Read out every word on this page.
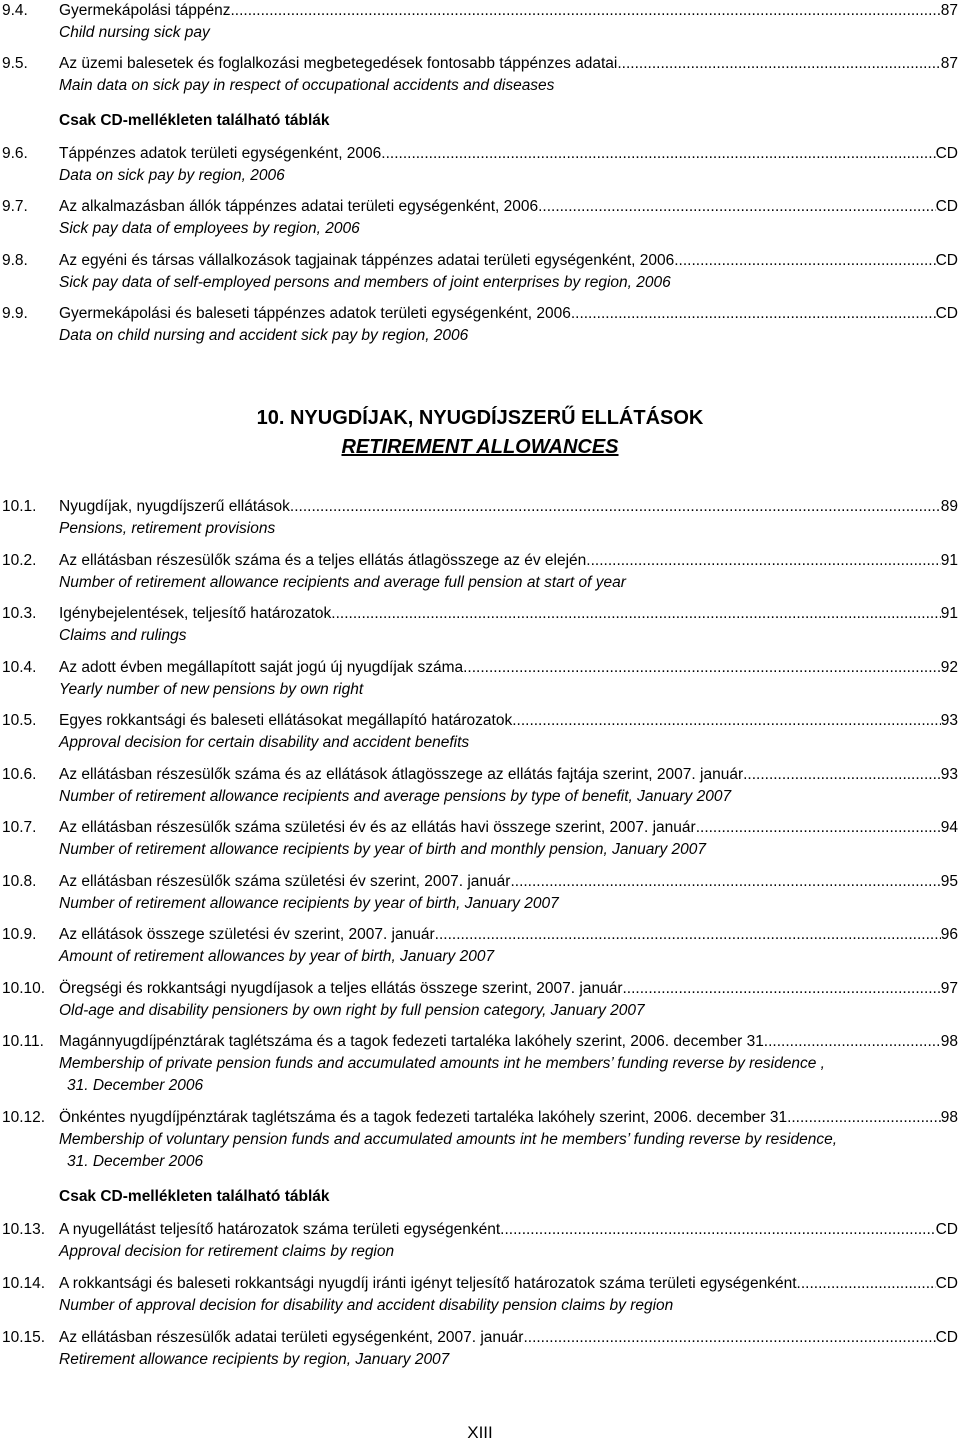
9.4.	Gyermekápolási táppénz .....	87
Child nursing sick pay
9.5.	Az üzemi balesetek és foglalkozási megbetegedések fontosabb táppénzes adatai .....	87
Main data on sick pay in respect of occupational accidents and diseases
Csak CD-mellékleten található táblák
9.6.	Táppénzes adatok területi egységenként, 2006 .....	CD
Data on sick pay by region, 2006
9.7.	Az alkalmazásban állók táppénzes adatai területi egységenként, 2006 .....	CD
Sick pay data of employees by region, 2006
9.8.	Az egyéni és társas vállalkozások tagjainak táppénzes adatai területi egységenként, 2006 .....	CD
Sick pay data of self-employed persons and members of joint enterprises by region, 2006
9.9.	Gyermekápolási és baleseti táppénzes adatok területi egységenként, 2006 .....	CD
Data on child nursing and accident sick pay by region, 2006
10. NYUGDÍJAK, NYUGDÍJSZERŰ ELLÁTÁSOK
RETIREMENT ALLOWANCES
10.1.	Nyugdíjak, nyugdíjszerű ellátások .....	89
Pensions, retirement provisions
10.2.	Az ellátásban részesülők száma és a teljes ellátás átlagösszege az év elején .....	91
Number of retirement allowance recipients and average full pension at start of year
10.3.	Igénybejelentések, teljesítő határozatok .....	91
Claims and rulings
10.4.	Az adott évben megállapított saját jogú új nyugdíjak száma .....	92
Yearly number of new pensions by own right
10.5.	Egyes rokkantsági és baleseti ellátásokat megállapító határozatok .....	93
Approval decision for certain disability and accident benefits
10.6.	Az ellátásban részesülők száma és az ellátások átlagösszege az ellátás fajtája szerint, 2007. január .....	93
Number of retirement allowance recipients and average pensions by type of benefit, January 2007
10.7.	Az ellátásban részesülők száma születési év és az ellátás havi összege szerint, 2007. január .....	94
Number of retirement allowance recipients by year of birth and monthly pension, January 2007
10.8.	Az ellátásban részesülők száma születési év szerint, 2007. január .....	95
Number of retirement allowance recipients by year of birth, January 2007
10.9.	Az ellátások összege születési év szerint, 2007. január .....	96
Amount of retirement allowances by year of birth, January 2007
10.10. Öregségi és rokkantsági nyugdíjasok a teljes ellátás összege szerint, 2007. január .....	97
Old-age and disability pensioners by own right by full pension category, January 2007
10.11. Magánnyugdíjpénztárak taglétszáma és a tagok fedezeti tartaléka lakóhely szerint, 2006. december 31. .....	98
Membership of private pension funds and accumulated amounts int he members’ funding reverse by residence ,
31. December 2006
10.12. Önkéntes nyugdíjpénztárak taglétszáma és a tagok fedezeti tartaléka lakóhely szerint, 2006. december 31. .....	98
Membership of voluntary pension funds and accumulated amounts int he members’ funding reverse by residence,
31. December 2006
Csak CD-mellékleten található táblák
10.13. A nyugellátást teljesítő határozatok száma területi egységenként .....	CD
Approval decision for retirement claims by region
10.14. A rokkantsági és baleseti rokkantsági nyugdíj iránti igényt teljesítő határozatok száma területi egységenként .....	CD
Number of approval decision for disability and accident disability pension claims by region
10.15. Az ellátásban részesülők adatai területi egységenként, 2007. január .....	CD
Retirement allowance recipients by region, January 2007
XIII
